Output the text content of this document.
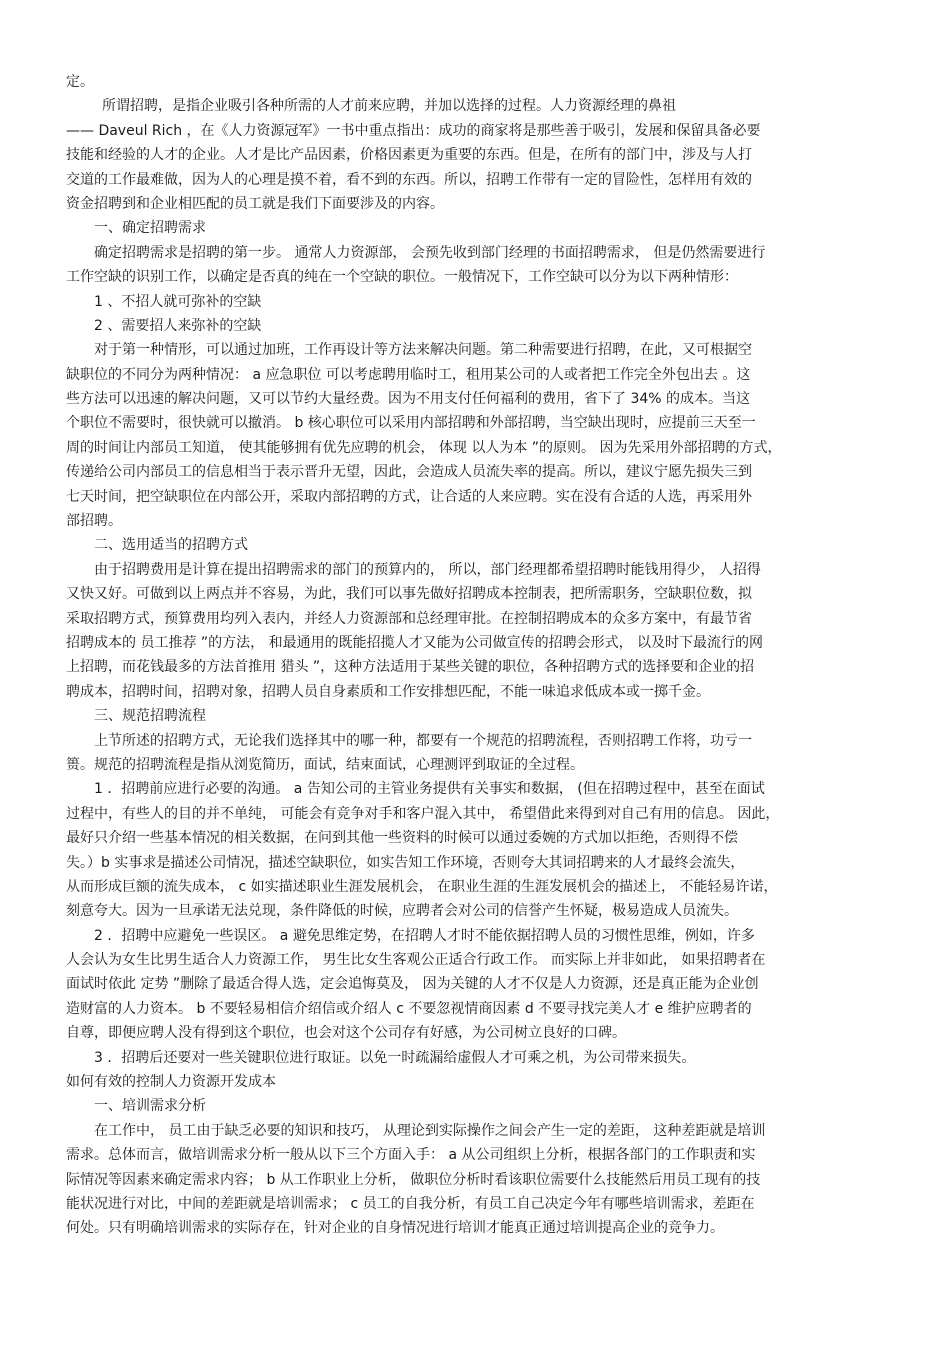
定。
所谓招聘，是指企业吸引各种所需的人才前来应聘，并加以选择的过程。人力资源经理的鼻祖
—— Daveul Rich ，在《人力资源冠军》一书中重点指出：成功的商家将是那些善于吸引，发展和保留具备必要
技能和经验的人才的企业。人才是比产品因素，价格因素更为重要的东西。但是，在所有的部门中，涉及与人打
交道的工作最难做，因为人的心理是摸不着，看不到的东西。所以，招聘工作带有一定的冒险性，怎样用有效的
资金招聘到和企业相匹配的员工就是我们下面要涉及的内容。
一、确定招聘需求
确定招聘需求是招聘的第一步。 通常人力资源部， 会预先收到部门经理的书面招聘需求， 但是仍然需要进行
工作空缺的识别工作，以确定是否真的纯在一个空缺的职位。一般情况下，工作空缺可以分为以下两种情形：
1 、不招人就可弥补的空缺
2 、需要招人来弥补的空缺
对于第一种情形，可以通过加班，工作再设计等方法来解决问题。第二种需要进行招聘，在此，又可根据空
缺职位的不同分为两种情况： a 应急职位 可以考虑聘用临时工，租用某公司的人或者把工作完全外包出去 。这
些方法可以迅速的解决问题，又可以节约大量经费。因为不用支付任何福利的费用，省下了 34% 的成本。当这
个职位不需要时，很快就可以撤消。 b 核心职位可以采用内部招聘和外部招聘，当空缺出现时，应提前三天至一
周的时间让内部员工知道， 使其能够拥有优先应聘的机会， 体现 以人为本 ”的原则。 因为先采用外部招聘的方式，
传递给公司内部员工的信息相当于表示晋升无望，因此，会造成人员流失率的提高。所以，建议宁愿先损失三到
七天时间，把空缺职位在内部公开，采取内部招聘的方式，让合适的人来应聘。实在没有合适的人选，再采用外
部招聘。
二、选用适当的招聘方式
由于招聘费用是计算在提出招聘需求的部门的预算内的， 所以，部门经理都希望招聘时能钱用得少， 人招得
又快又好。可做到以上两点并不容易，为此，我们可以事先做好招聘成本控制表，把所需职务，空缺职位数，拟
采取招聘方式，预算费用均列入表内，并经人力资源部和总经理审批。在控制招聘成本的众多方案中，有最节省
招聘成本的 员工推荐 ”的方法， 和最通用的既能招揽人才又能为公司做宣传的招聘会形式， 以及时下最流行的网
上招聘，而花钱最多的方法首推用 猎头 ”，这种方法适用于某些关键的职位，各种招聘方式的选择要和企业的招
聘成本，招聘时间，招聘对象，招聘人员自身素质和工作安排想匹配，不能一味追求低成本或一掷千金。
三、规范招聘流程
上节所述的招聘方式，无论我们选择其中的哪一种，都要有一个规范的招聘流程，否则招聘工作将，功亏一
篑。规范的招聘流程是指从浏览简历，面试，结束面试，心理测评到取证的全过程。
1 ．招聘前应进行必要的沟通。 a 告知公司的主管业务提供有关事实和数据， (但在招聘过程中，甚至在面试
过程中，有些人的目的并不单纯， 可能会有竞争对手和客户混入其中， 希望借此来得到对自己有用的信息。 因此，
最好只介绍一些基本情况的相关数据，在问到其他一些资料的时候可以通过委婉的方式加以拒绝，否则得不偿
失。）b 实事求是描述公司情况，描述空缺职位，如实告知工作环境，否则夸大其词招聘来的人才最终会流失，
从而形成巨额的流失成本， c 如实描述职业生涯发展机会， 在职业生涯的生涯发展机会的描述上， 不能轻易许诺，
刻意夸大。因为一旦承诺无法兑现，条件降低的时候，应聘者会对公司的信誉产生怀疑，极易造成人员流失。
2 ．招聘中应避免一些误区。 a 避免思维定势，在招聘人才时不能依据招聘人员的习惯性思维，例如，许多
人会认为女生比男生适合人力资源工作， 男生比女生客观公正适合行政工作。 而实际上并非如此， 如果招聘者在
面试时依此 定势 ”删除了最适合得人选，定会追悔莫及， 因为关键的人才不仅是人力资源，还是真正能为企业创
造财富的人力资本。 b 不要轻易相信介绍信或介绍人 c 不要忽视情商因素 d 不要寻找完美人才 e 维护应聘者的
自尊，即便应聘人没有得到这个职位，也会对这个公司存有好感，为公司树立良好的口碑。
3 ．招聘后还要对一些关键职位进行取证。以免一时疏漏给虚假人才可乘之机，为公司带来损失。
如何有效的控制人力资源开发成本
一、培训需求分析
在工作中， 员工由于缺乏必要的知识和技巧， 从理论到实际操作之间会产生一定的差距， 这种差距就是培训
需求。总体而言，做培训需求分析一般从以下三个方面入手： a 从公司组织上分析，根据各部门的工作职责和实
际情况等因素来确定需求内容； b 从工作职业上分析， 做职位分析时看该职位需要什么技能然后用员工现有的技
能状况进行对比，中间的差距就是培训需求； c 员工的自我分析，有员工自己决定今年有哪些培训需求，差距在
何处。只有明确培训需求的实际存在，针对企业的自身情况进行培训才能真正通过培训提高企业的竞争力。
